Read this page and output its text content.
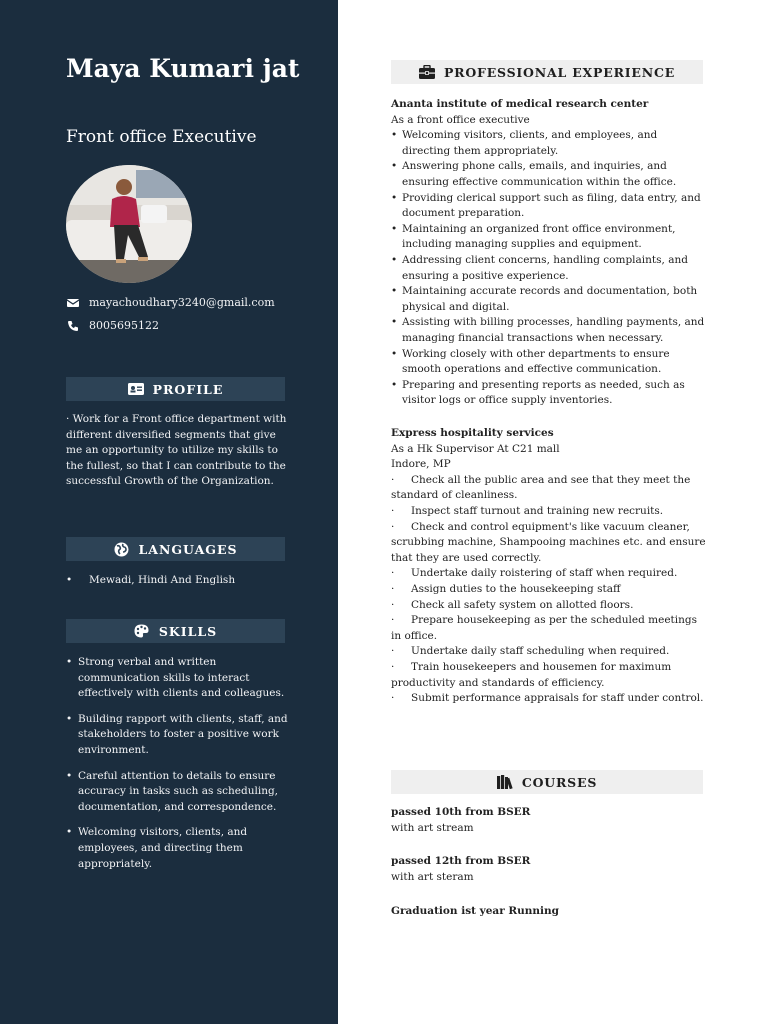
Maya Kumari jat
Front office Executive
mayachoudhary3240@gmail.com
8005695122
PROFILE
· Work for a Front office department with different diversified segments that give me an opportunity to utilize my skills to the fullest, so that I can contribute to the successful Growth of the Organization.
LANGUAGES
• Mewadi, Hindi And English
SKILLS
• Strong verbal and written communication skills to interact effectively with clients and colleagues.
• Building rapport with clients, staff, and stakeholders to foster a positive work environment.
• Careful attention to details to ensure accuracy in tasks such as scheduling, documentation, and correspondence.
• Welcoming visitors, clients, and employees, and directing them appropriately.
PROFESSIONAL EXPERIENCE
Ananta institute of medical research center
As a front office executive
• Welcoming visitors, clients, and employees, and directing them appropriately.
• Answering phone calls, emails, and inquiries, and ensuring effective communication within the office.
• Providing clerical support such as filing, data entry, and document preparation.
• Maintaining an organized front office environment, including managing supplies and equipment.
• Addressing client concerns, handling complaints, and ensuring a positive experience.
• Maintaining accurate records and documentation, both physical and digital.
• Assisting with billing processes, handling payments, and managing financial transactions when necessary.
• Working closely with other departments to ensure smooth operations and effective communication.
• Preparing and presenting reports as needed, such as visitor logs or office supply inventories.
Express hospitality services
As a Hk Supervisor At C21 mall
Indore, MP
· Check all the public area and see that they meet the standard of cleanliness.
· Inspect staff turnout and training new recruits.
· Check and control equipment's like vacuum cleaner, scrubbing machine, Shampooing machines etc. and ensure that they are used correctly.
· Undertake daily roistering of staff when required.
· Assign duties to the housekeeping staff
· Check all safety system on allotted floors.
· Prepare housekeeping as per the scheduled meetings in office.
· Undertake daily staff scheduling when required.
· Train housekeepers and housemen for maximum productivity and standards of efficiency.
· Submit performance appraisals for staff under control.
COURSES
passed 10th from BSER
with art stream
passed 12th from BSER
with art steram
Graduation ist year Running
